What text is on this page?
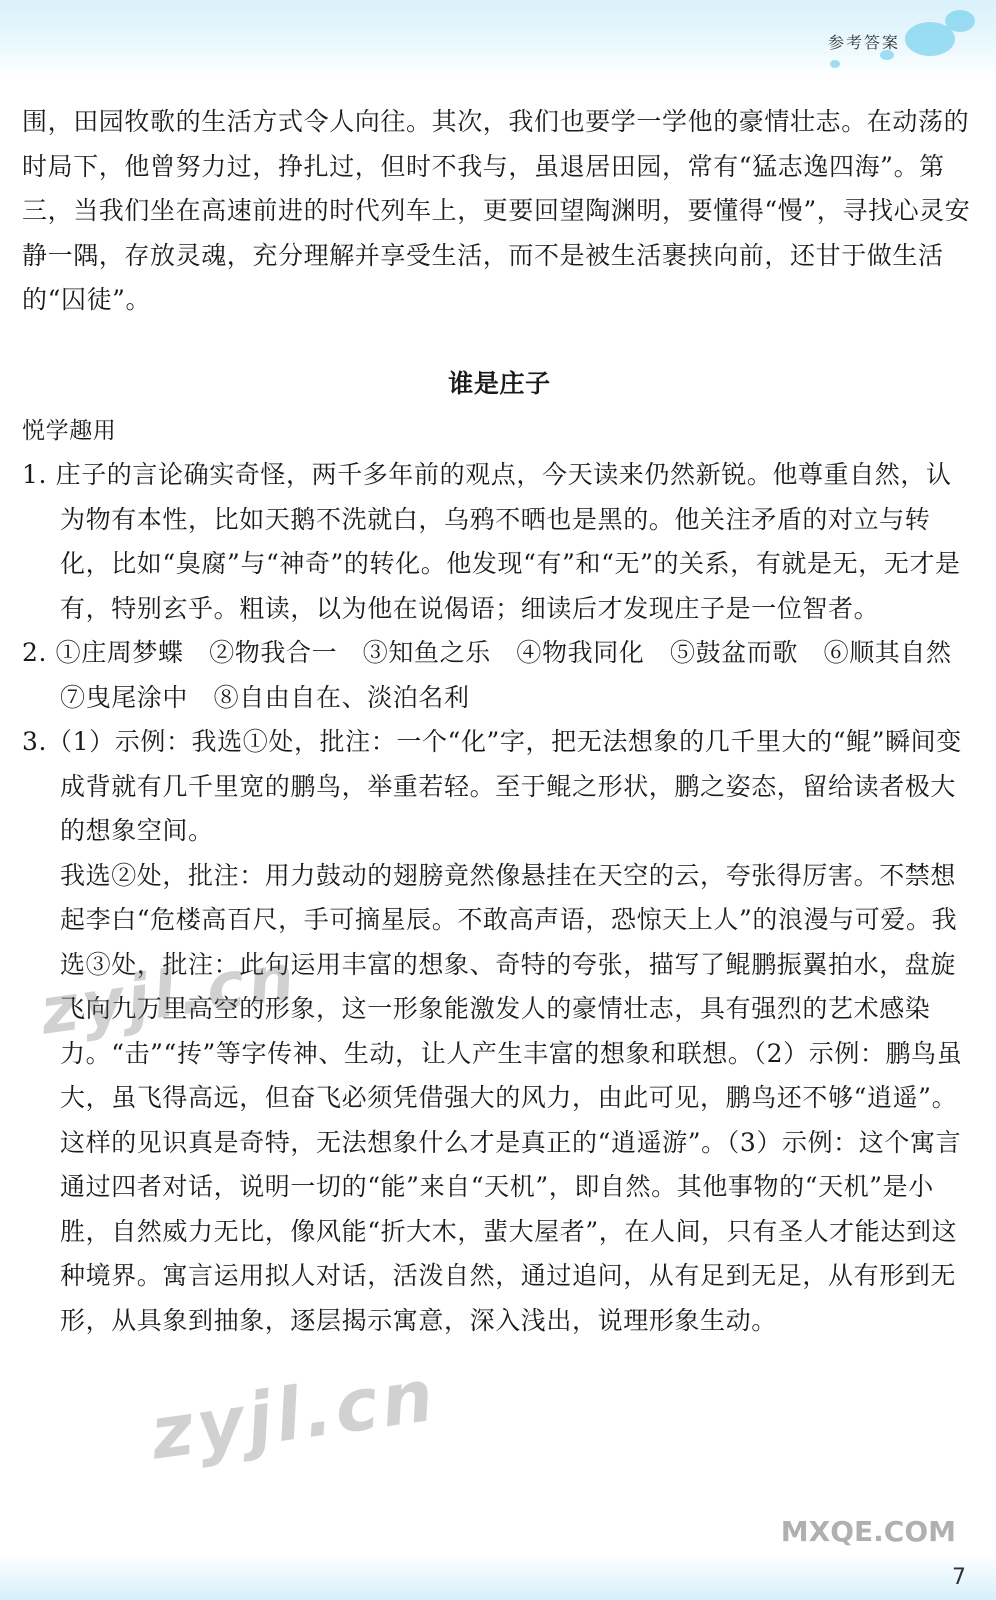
参考答案

围，田园牧歌的生活方式令人向往。其次，我们也要学一学他的豪情壮志。在动荡的时局下，他曾努力过，挣扎过，但时不我与，虽退居田园，常有“猛志逸四海”。第三，当我们坐在高速前进的时代列车上，更要回望陶渊明，要懂得“慢”，寻找心灵安静一隅，存放灵魂，充分理解并享受生活，而不是被生活裹挟向前，还甘于做生活的“囚徒”。

谁是庄子

悦学趣用

1. 庄子的言论确实奇怪，两千多年前的观点，今天读来仍然新锐。他尊重自然，认为物有本性，比如天鹅不洗就白，乌鸦不晒也是黑的。他关注矛盾的对立与转化，比如“臭腐”与“神奇”的转化。他发现“有”和“无”的关系，有就是无，无才是有，特别玄乎。粗读，以为他在说偈语；细读后才发现庄子是一位智者。

2. ①庄周梦蝶　②物我合一　③知鱼之乐　④物我同化　⑤鼓盆而歌　⑥顺其自然　⑦曳尾涂中　⑧自由自在、淡泊名利

3.（1）示例：我选①处，批注：一个“化”字，把无法想象的几千里大的“鲲”瞬间变成背就有几千里宽的鹏鸟，举重若轻。至于鲲之形状，鹏之姿态，留给读者极大的想象空间。

我选②处，批注：用力鼓动的翅膀竟然像悬挂在天空的云，夸张得厉害。不禁想起李白“危楼高百尺，手可摘星辰。不敢高声语，恐惊天上人”的浪漫与可爱。我选③处，批注：此句运用丰富的想象、奇特的夸张，描写了鲲鹏振翼拍水，盘旋飞向九万里高空的形象，这一形象能激发人的豪情壮志，具有强烈的艺术感染力。“击”“抟”等字传神、生动，让人产生丰富的想象和联想。（2）示例：鹏鸟虽大，虽飞得高远，但奋飞必须凭借强大的风力，由此可见，鹏鸟还不够“逍遥”。这样的见识真是奇特，无法想象什么才是真正的“逍遥游”。（3）示例：这个寓言通过四者对话，说明一切的“能”来自“天机”，即自然。其他事物的“天机”是小胜，自然威力无比，像风能“折大木，蜚大屋者”，在人间，只有圣人才能达到这种境界。寓言运用拟人对话，活泼自然，通过追问，从有足到无足，从有形到无形，从具象到抽象，逐层揭示寓意，深入浅出，说理形象生动。

zyjl.cn
zyjl.cn
MXQE.COM
7
